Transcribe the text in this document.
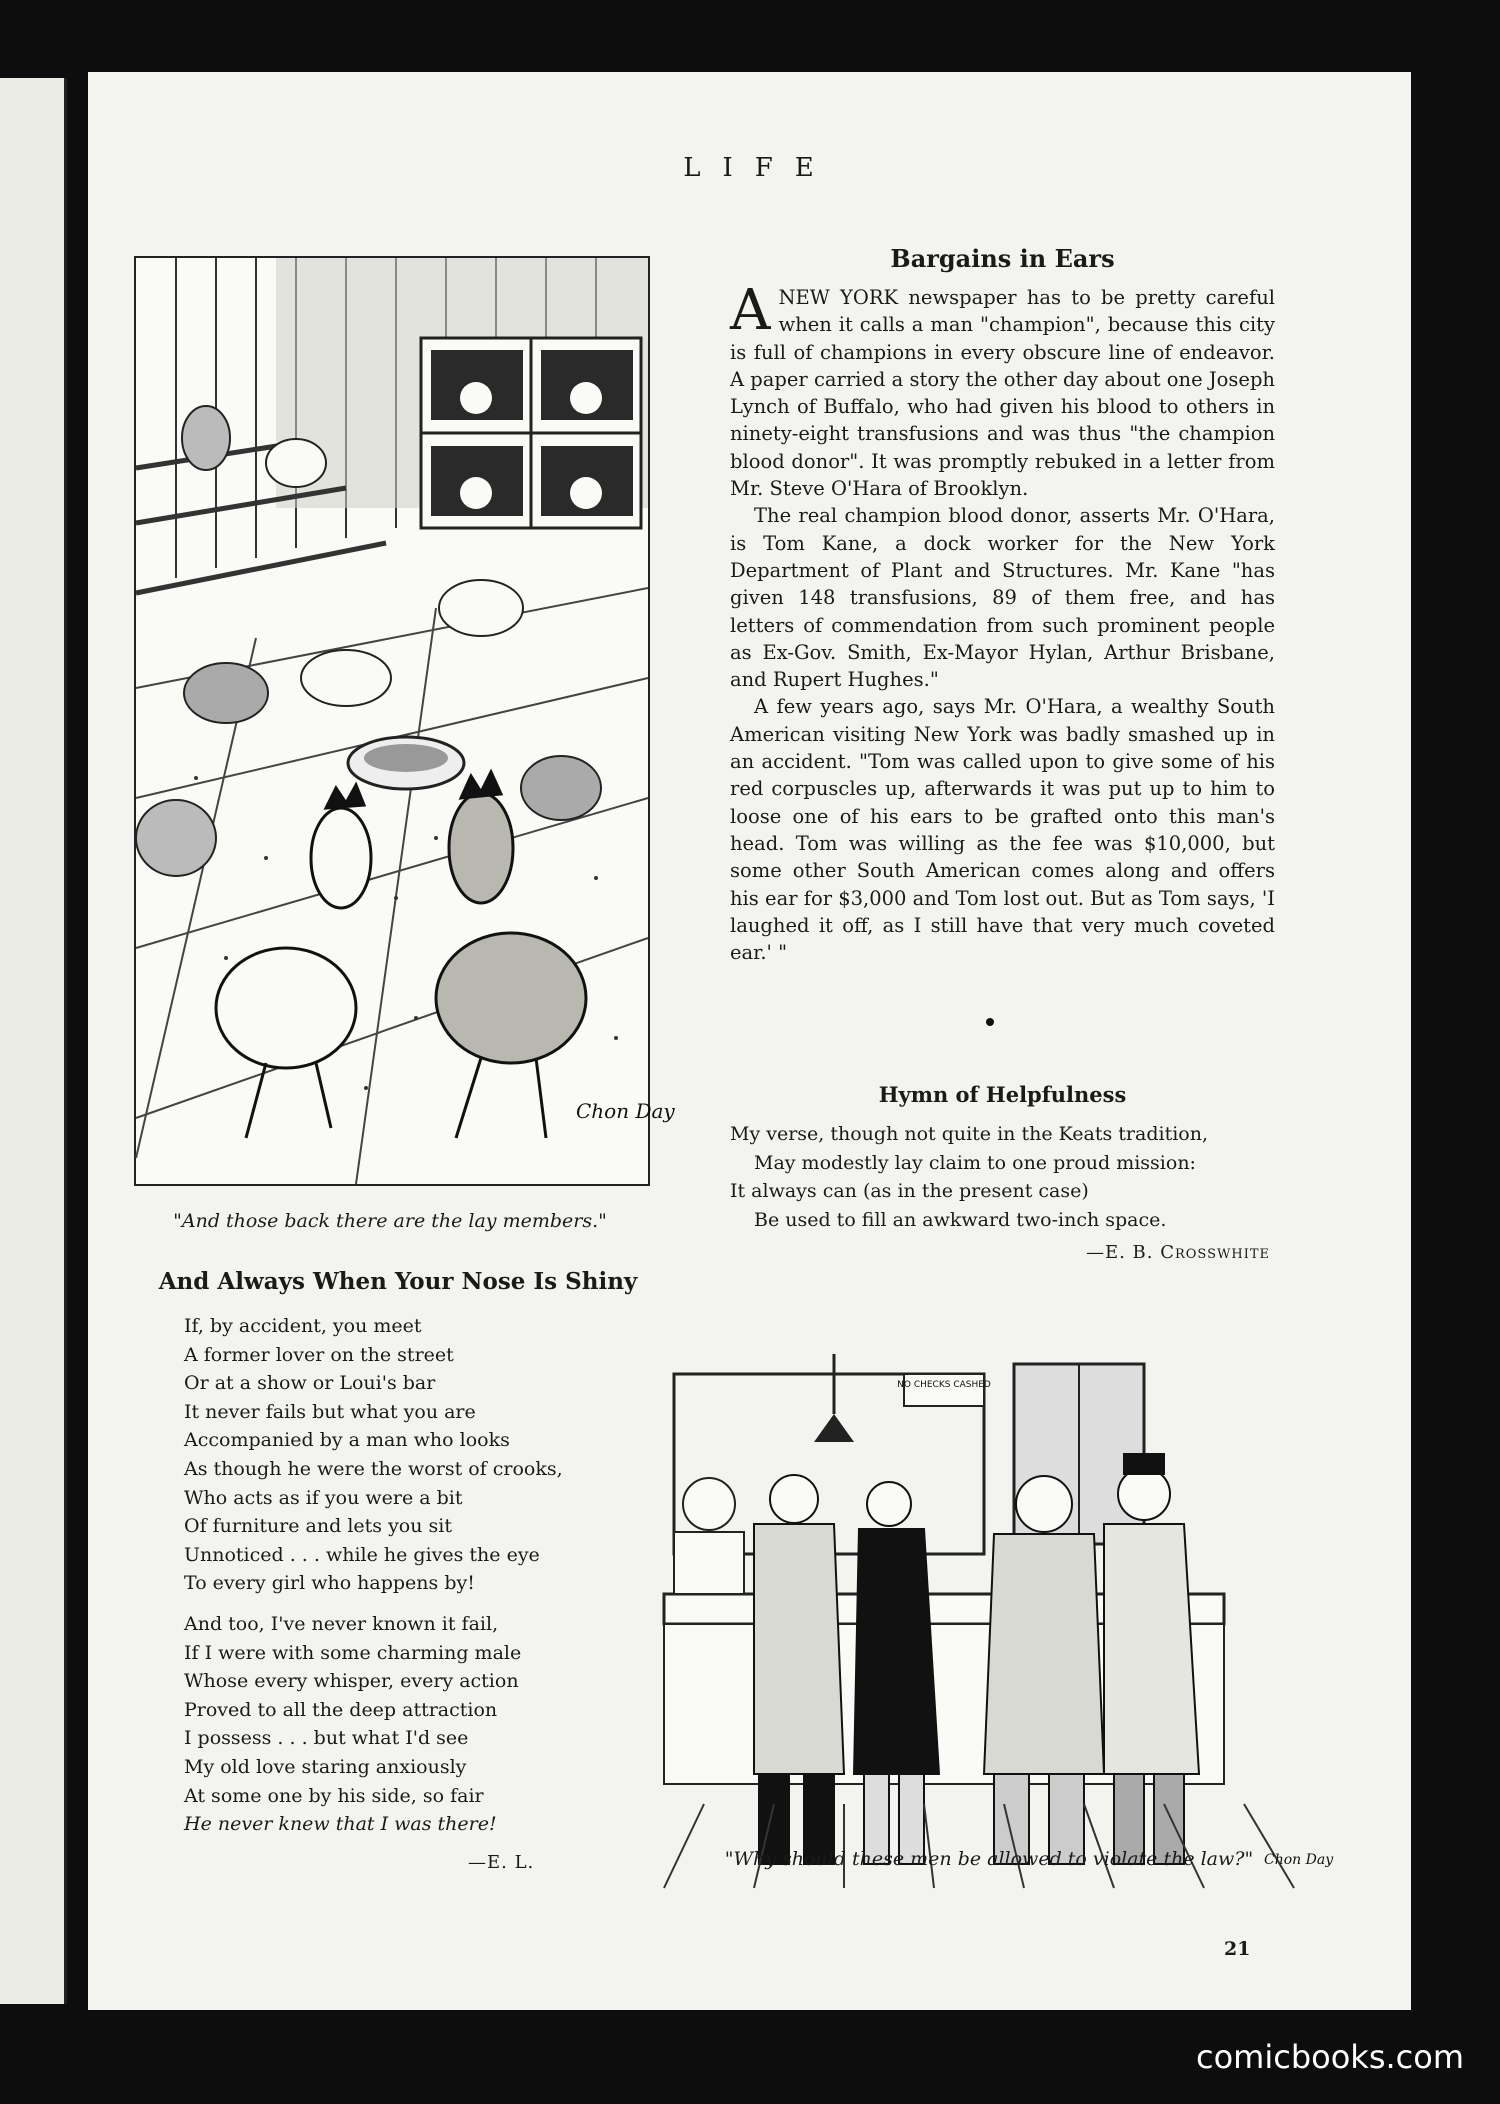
LIFE
Chon Day
"And those back there are the lay members."
Bargains in Ears

ANEW YORK newspaper has to be pretty careful when it calls a man "champion", because this city is full of champions in every obscure line of endeavor. A paper carried a story the other day about one Joseph Lynch of Buffalo, who had given his blood to others in ninety-eight transfusions and was thus "the champion blood donor". It was promptly rebuked in a letter from Mr. Steve O'Hara of Brooklyn.

The real champion blood donor, asserts Mr. O'Hara, is Tom Kane, a dock worker for the New York Department of Plant and Structures. Mr. Kane "has given 148 transfusions, 89 of them free, and has letters of commendation from such prominent people as Ex-Gov. Smith, Ex-Mayor Hylan, Arthur Brisbane, and Rupert Hughes."

A few years ago, says Mr. O'Hara, a wealthy South American visiting New York was badly smashed up in an accident. "Tom was called upon to give some of his red corpuscles up, afterwards it was put up to him to loose one of his ears to be grafted onto this man's head. Tom was willing as the fee was $10,000, but some other South American comes along and offers his ear for $3,000 and Tom lost out. But as Tom says, 'I laughed it off, as I still have that very much coveted ear.' "

Hymn of Helpfulness
My verse, though not quite in the Keats tradition,
May modestly lay claim to one proud mission:
It always can (as in the present case)
Be used to fill an awkward two-inch space.
—E. B. Crosswhite
And Always When Your Nose Is Shiny
If, by accident, you meet
A former lover on the street
Or at a show or Loui's bar
It never fails but what you are
Accompanied by a man who looks
As though he were the worst of crooks,
Who acts as if you were a bit
Of furniture and lets you sit
Unnoticed . . . while he gives the eye
To every girl who happens by!
And too, I've never known it fail,
If I were with some charming male
Whose every whisper, every action
Proved to all the deep attraction
I possess . . . but what I'd see
My old love staring anxiously
At some one by his side, so fair
He never knew that I was there!
—E. L.
NO CHECKS CASHED
Chon Day
"Why should these men be allowed to violate the law?"
21
comicbooks.com
